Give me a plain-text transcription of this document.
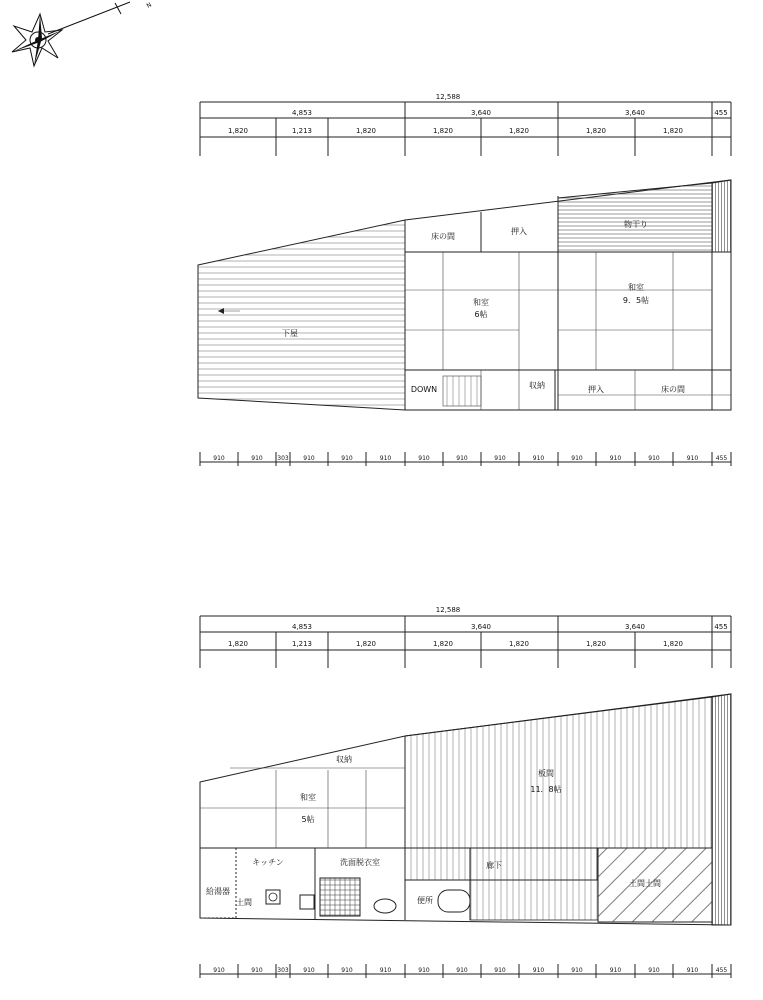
N
12,588
4,853	3,640	3,640	455
1,820	1,213	1,820	1,820	1,820	1,820	1,820
下屋
床の間
押入
物干り
和室
6帖
和室
9．5帖
DOWN	収納	押入	床の間
910	910 303 910	910	910	910	910	910	910	910	910	910	910	455
12,588
4,853	3,640	3,640	455
1,820	1,213	1,820	1,820	1,820	1,820	1,820
収納
和室
5帖
板間
11．8帖
キッチン	洗面脱衣室	廊下
土間土間
便所
給湯器
土間
910	910 303 910	910	910	910	910	910	910	910	910	910	910	455
